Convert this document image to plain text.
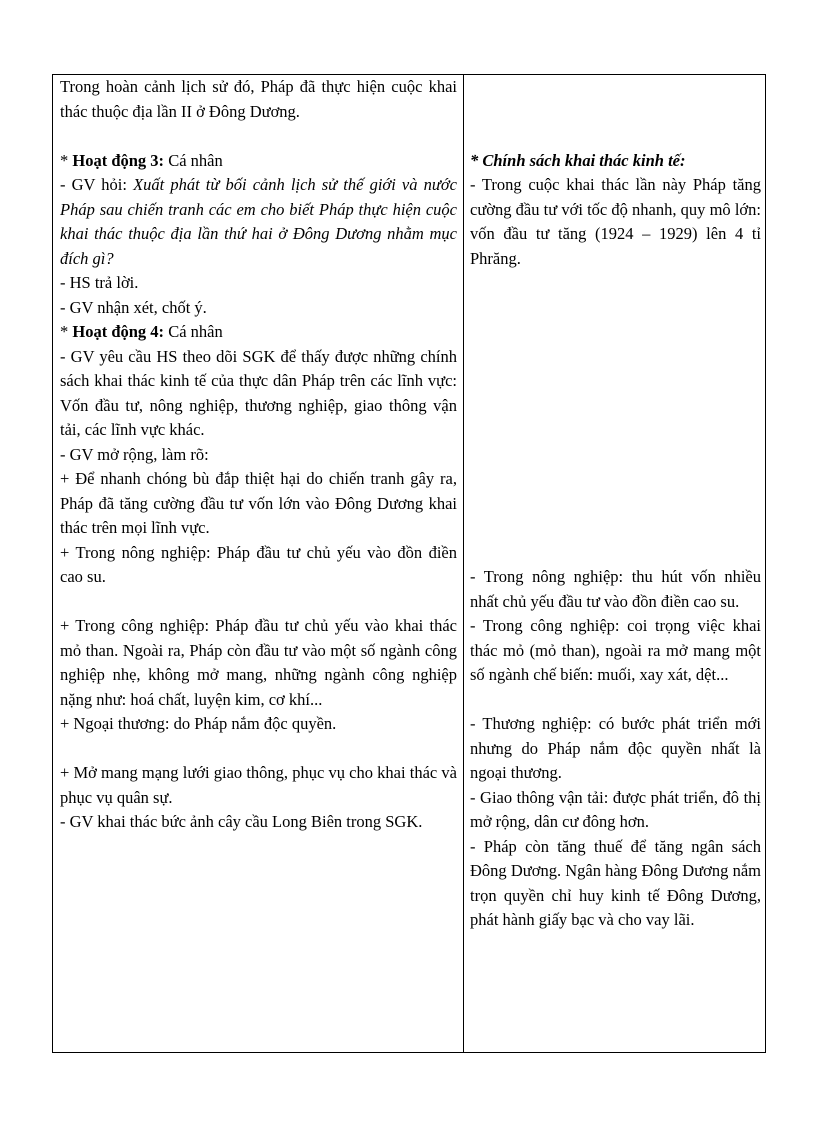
Trong hoàn cảnh lịch sử đó, Pháp đã thực hiện cuộc khai thác thuộc địa lần II ở Đông Dương.

* Hoạt động 3: Cá nhân

- GV hỏi: Xuất phát từ bối cảnh lịch sử thế giới và nước Pháp sau chiến tranh các em cho biết Pháp thực hiện cuộc khai thác thuộc địa lần thứ hai ở Đông Dương nhằm mục đích gì?

- HS trả lời.

- GV nhận xét, chốt ý.

* Hoạt động 4: Cá nhân

- GV yêu cầu HS theo dõi SGK để thấy được những chính sách khai thác kinh tế của thực dân Pháp trên các lĩnh vực: Vốn đầu tư, nông nghiệp, thương nghiệp, giao thông vận tải, các lĩnh vực khác.

- GV mở rộng, làm rõ:

+ Để nhanh chóng bù đắp thiệt hại do chiến tranh gây ra, Pháp đã tăng cường đầu tư vốn lớn vào Đông Dương khai thác trên mọi lĩnh vực.

+ Trong nông nghiệp: Pháp đầu tư chủ yếu vào đồn điền cao su.

+ Trong công nghiệp: Pháp đầu tư chủ yếu vào khai thác mỏ than. Ngoài ra, Pháp còn đầu tư vào một số ngành công nghiệp nhẹ, không mở mang, những ngành công nghiệp nặng như: hoá chất, luyện kim, cơ khí...

+ Ngoại thương: do Pháp nắm độc quyền.

+ Mở mang mạng lưới giao thông, phục vụ cho khai thác và phục vụ quân sự.

- GV khai thác bức ảnh cây cầu Long Biên trong SGK.

* Chính sách khai thác kinh tế:

- Trong cuộc khai thác lần này Pháp tăng cường đầu tư với tốc độ nhanh, quy mô lớn: vốn đầu tư tăng (1924 – 1929) lên 4 tỉ Phrăng.

- Trong nông nghiệp: thu hút vốn nhiều nhất chủ yếu đầu tư vào đồn điền cao su.

- Trong công nghiệp: coi trọng việc khai thác mỏ (mỏ than), ngoài ra mở mang một số ngành chế biến: muối, xay xát, dệt...

- Thương nghiệp: có bước phát triển mới nhưng do Pháp nắm độc quyền nhất là ngoại thương.

- Giao thông vận tải: được phát triển, đô thị mở rộng, dân cư đông hơn.

- Pháp còn tăng thuế để tăng ngân sách Đông Dương. Ngân hàng Đông Dương nắm trọn quyền chỉ huy kinh tế Đông Dương, phát hành giấy bạc và cho vay lãi.
